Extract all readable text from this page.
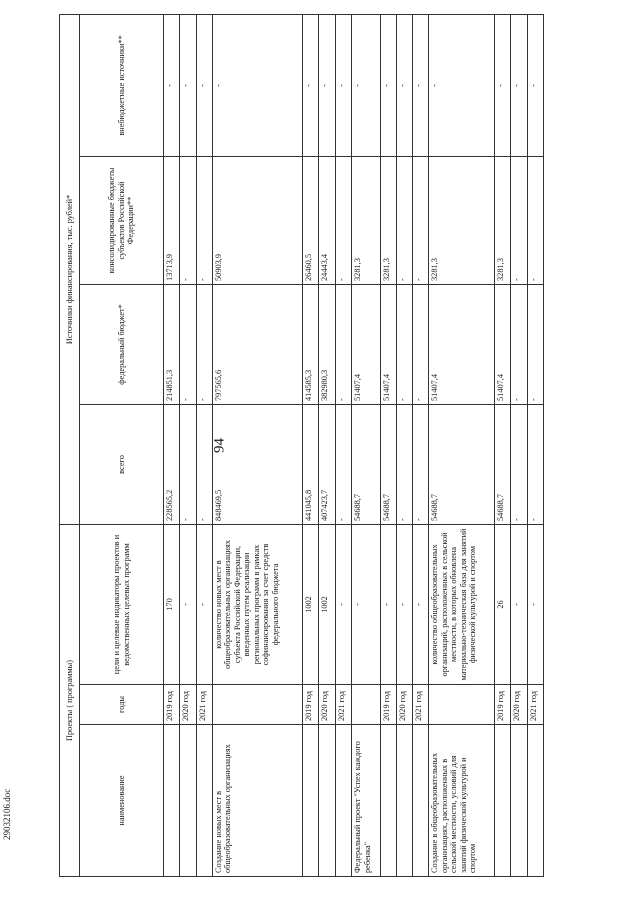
94
29032106.doc
Проекты ( программы)			Источники финансирования, тыс. рублей*			
наименование	годы	цели и целевые индикаторы проектов и ведомственных целевых программ	всего	федеральный бюджет*	консолидированные бюджеты субъектов Российской Федерации**	внебюджетные источники**
	2019 год	170	228565,2	214851,3	13713,9	-
	2020 год	-	-	-	-	-
	2021 год	-	-	-	-	-
Создание новых мест в общеобразовательных организациях		количество новых мест в общеобразовательных организациях субъекта Российской Федерации, введенных путем реализации региональных программ в рамках софинансирования за счет средств федерального бюджета	848469,5	797565,6	50903,9	-
	2019 год	1002	441045,8	414585,3	26460,5	-
	2020 год	1002	407423,7	382980,3	24443,4	-
	2021 год	-	-	-	-	-
Федеральный проект "Успех каждого ребенка"		-	54688,7	51407,4	3281,3	-
	2019 год	-	54688,7	51407,4	3281,3	-
	2020 год	-	-	-	-	-
	2021 год	-	-	-	-	-
Создание в общеобразовательных организациях, расположенных в сельской местности, условий для занятий физической культурой и спортом		количество общеобразовательных организаций, расположенных в сельской местности, в которых обновлена материально-техническая база для занятий физической культурой и спортом	54688,7	51407,4	3281,3	-
	2019 год	26	54688,7	51407,4	3281,3	-
	2020 год	-	-	-	-	-
	2021 год	-	-	-	-	-
